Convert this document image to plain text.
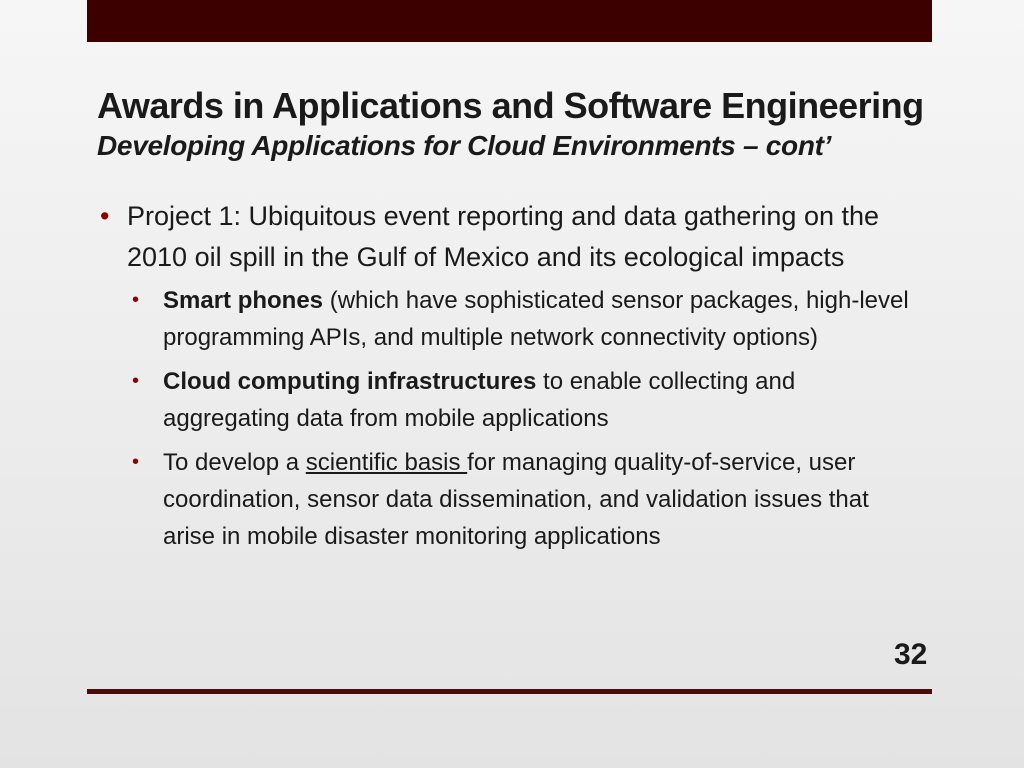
Awards in Applications and Software Engineering
Developing Applications for Cloud Environments – cont’
• Project 1: Ubiquitous event reporting and data gathering on the 2010 oil spill in the Gulf of Mexico and its ecological impacts
• Smart phones (which have sophisticated sensor packages, high-level programming APIs, and multiple network connectivity options)
• Cloud computing infrastructures to enable collecting and aggregating data from mobile applications
• To develop a scientific basis for managing quality-of-service, user coordination, sensor data dissemination, and validation issues that arise in mobile disaster monitoring applications
32
